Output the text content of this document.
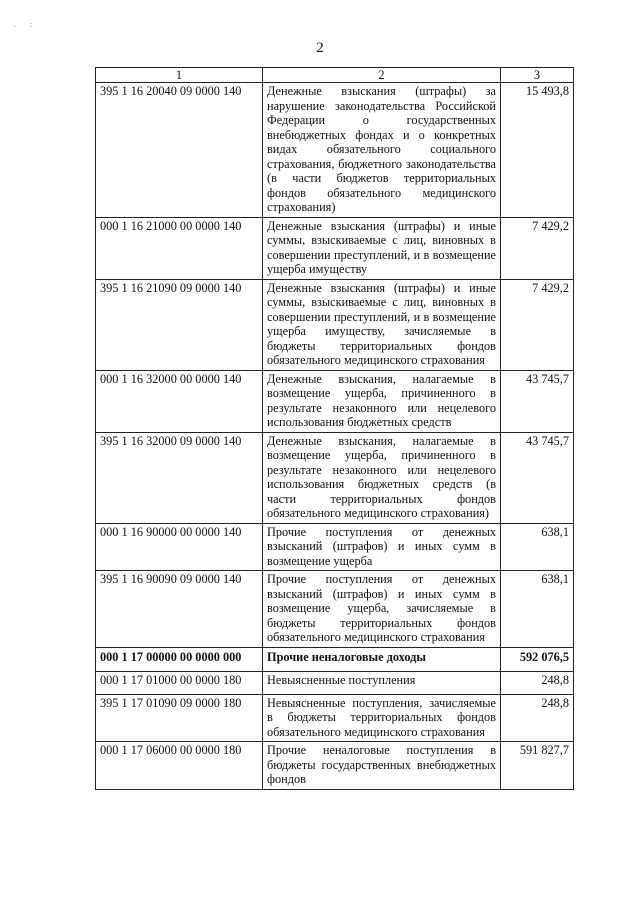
. :
2
1	2	3
395 1 16 20040 09 0000 140	Денежные взыскания (штрафы) за нарушение законодательства Российской Федерации о государственных внебюджетных фондах и о конкретных видах обязательного социального страхования, бюджетного законодательства (в части бюджетов территориальных фондов обязательного медицинского страхования)	15 493,8
000 1 16 21000 00 0000 140	Денежные взыскания (штрафы) и иные суммы, взыскиваемые с лиц, виновных в совершении преступлений, и в возмещение ущерба имуществу	7 429,2
395 1 16 21090 09 0000 140	Денежные взыскания (штрафы) и иные суммы, взыскиваемые с лиц, виновных в совершении преступлений, и в возмещение ущерба имуществу, зачисляемые в бюджеты территориальных фондов обязательного медицинского страхования	7 429,2
000 1 16 32000 00 0000 140	Денежные взыскания, налагаемые в возмещение ущерба, причиненного в результате незаконного или нецелевого использования бюджетных средств	43 745,7
395 1 16 32000 09 0000 140	Денежные взыскания, налагаемые в возмещение ущерба, причиненного в результате незаконного или нецелевого использования бюджетных средств (в части территориальных фондов обязательного медицинского страхования)	43 745,7
000 1 16 90000 00 0000 140	Прочие поступления от денежных взысканий (штрафов) и иных сумм в возмещение ущерба	638,1
395 1 16 90090 09 0000 140	Прочие поступления от денежных взысканий (штрафов) и иных сумм в возмещение ущерба, зачисляемые в бюджеты территориальных фондов обязательного медицинского страхования	638,1
000 1 17 00000 00 0000 000	Прочие неналоговые доходы	592 076,5
000 1 17 01000 00 0000 180	Невыясненные поступления	248,8
395 1 17 01090 09 0000 180	Невыясненные поступления, зачисляемые в бюджеты территориальных фондов обязательного медицинского страхования	248,8
000 1 17 06000 00 0000 180	Прочие неналоговые поступления в бюджеты государственных внебюджетных фондов	591 827,7
